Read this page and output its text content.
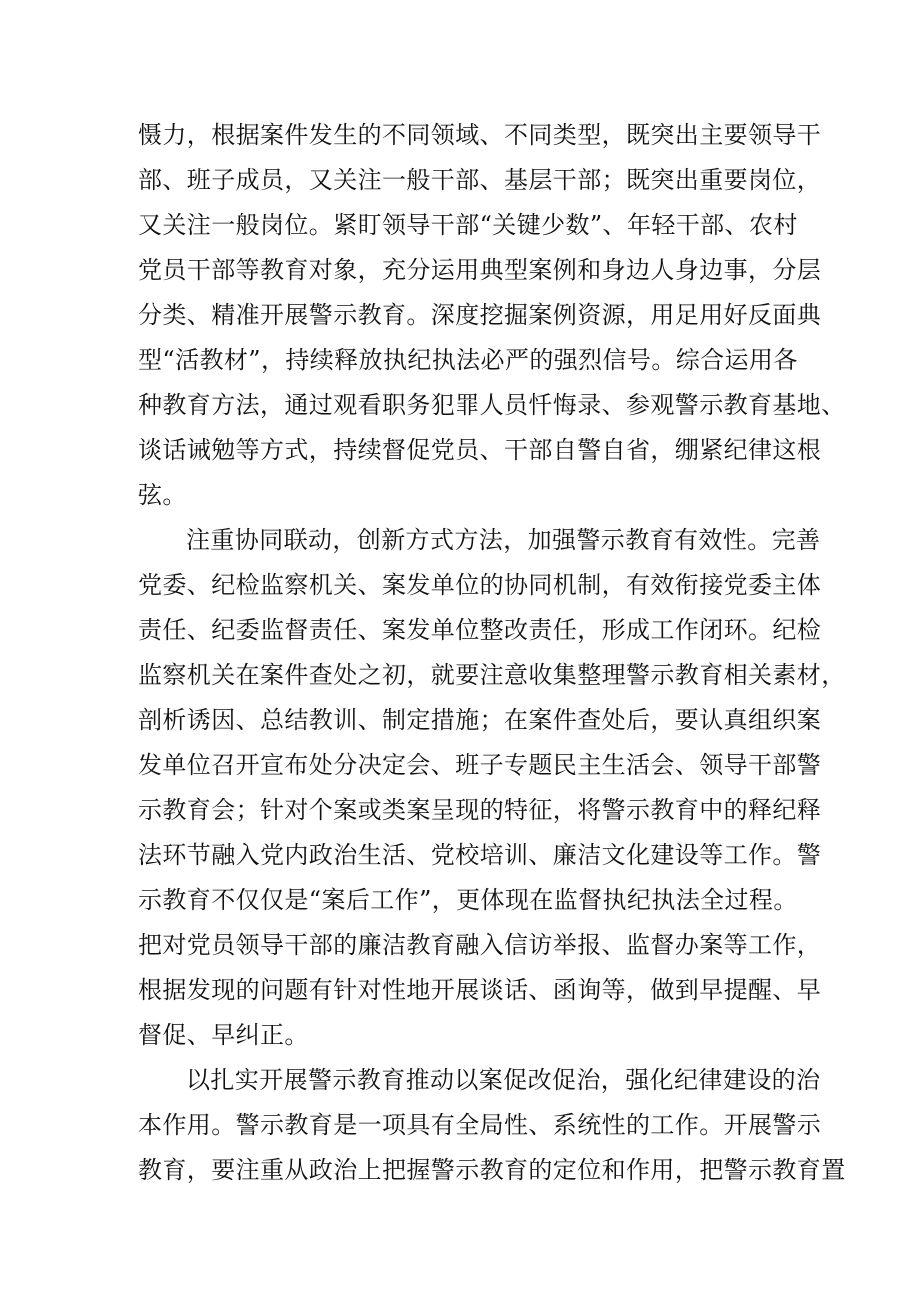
慑力，根据案件发生的不同领域、不同类型，既突出主要领导干
部、班子成员，又关注一般干部、基层干部；既突出重要岗位，
又关注一般岗位。紧盯领导干部“关键少数”、年轻干部、农村
党员干部等教育对象，充分运用典型案例和身边人身边事，分层
分类、精准开展警示教育。深度挖掘案例资源，用足用好反面典
型“活教材”，持续释放执纪执法必严的强烈信号。综合运用各
种教育方法，通过观看职务犯罪人员忏悔录、参观警示教育基地、
谈话诫勉等方式，持续督促党员、干部自警自省，绷紧纪律这根
弦。
注重协同联动，创新方式方法，加强警示教育有效性。完善
党委、纪检监察机关、案发单位的协同机制，有效衔接党委主体
责任、纪委监督责任、案发单位整改责任，形成工作闭环。纪检
监察机关在案件查处之初，就要注意收集整理警示教育相关素材，
剖析诱因、总结教训、制定措施；在案件查处后，要认真组织案
发单位召开宣布处分决定会、班子专题民主生活会、领导干部警
示教育会；针对个案或类案呈现的特征，将警示教育中的释纪释
法环节融入党内政治生活、党校培训、廉洁文化建设等工作。警
示教育不仅仅是“案后工作”，更体现在监督执纪执法全过程。
把对党员领导干部的廉洁教育融入信访举报、监督办案等工作，
根据发现的问题有针对性地开展谈话、函询等，做到早提醒、早
督促、早纠正。
以扎实开展警示教育推动以案促改促治，强化纪律建设的治
本作用。警示教育是一项具有全局性、系统性的工作。开展警示
教育，要注重从政治上把握警示教育的定位和作用，把警示教育置
